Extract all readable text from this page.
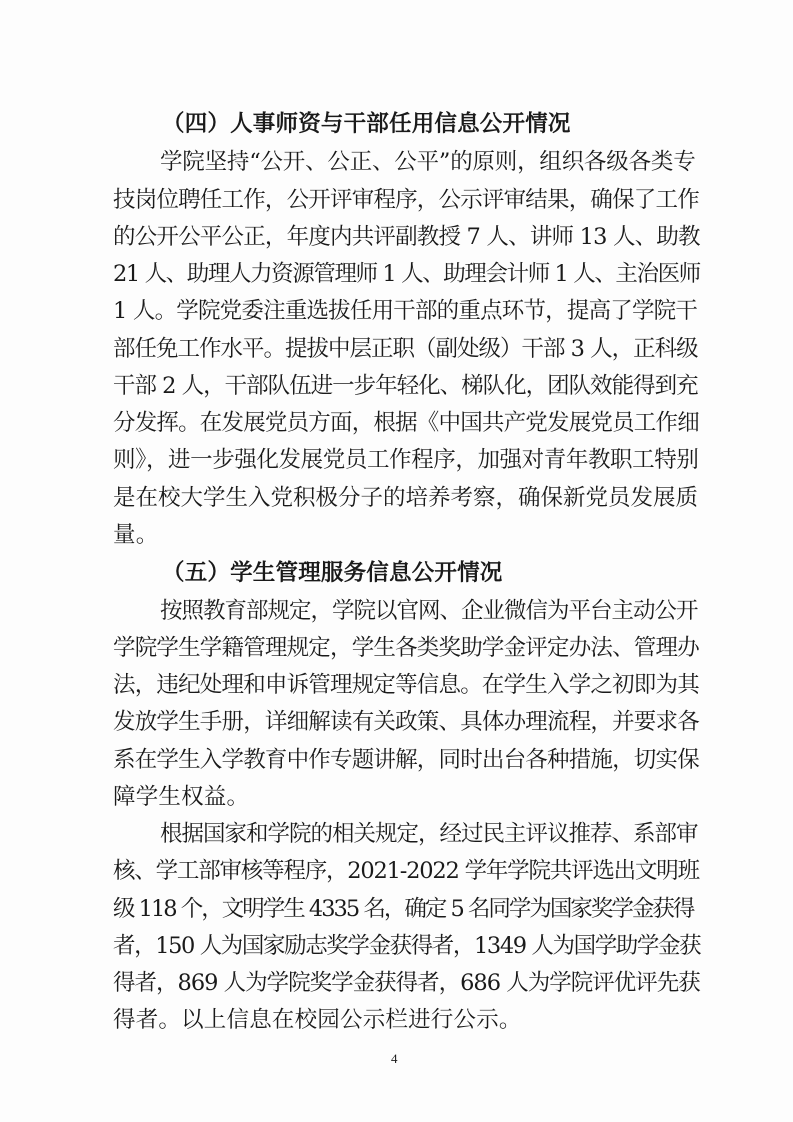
（四）人事师资与干部任用信息公开情况
学院坚持“公开、公正、公平”的原则，组织各级各类专
技岗位聘任工作，公开评审程序，公示评审结果，确保了工作
的公开公平公正，年度内共评副教授 7 人、讲师 13 人、助教
21 人、助理人力资源管理师 1 人、助理会计师 1 人、主治医师
1 人。学院党委注重选拔任用干部的重点环节，提高了学院干
部任免工作水平。提拔中层正职（副处级）干部 3 人，正科级
干部 2 人，干部队伍进一步年轻化、梯队化，团队效能得到充
分发挥。在发展党员方面，根据《中国共产党发展党员工作细
则》，进一步强化发展党员工作程序，加强对青年教职工特别
是在校大学生入党积极分子的培养考察，确保新党员发展质
量。
（五）学生管理服务信息公开情况
按照教育部规定，学院以官网、企业微信为平台主动公开
学院学生学籍管理规定，学生各类奖助学金评定办法、管理办
法，违纪处理和申诉管理规定等信息。在学生入学之初即为其
发放学生手册，详细解读有关政策、具体办理流程，并要求各
系在学生入学教育中作专题讲解，同时出台各种措施，切实保
障学生权益。
根据国家和学院的相关规定，经过民主评议推荐、系部审
核、学工部审核等程序，2021-2022 学年学院共评选出文明班
级 118 个，文明学生 4335 名，确定 5 名同学为国家奖学金获得
者，150 人为国家励志奖学金获得者，1349 人为国学助学金获
得者，869 人为学院奖学金获得者，686 人为学院评优评先获
得者。以上信息在校园公示栏进行公示。
4
